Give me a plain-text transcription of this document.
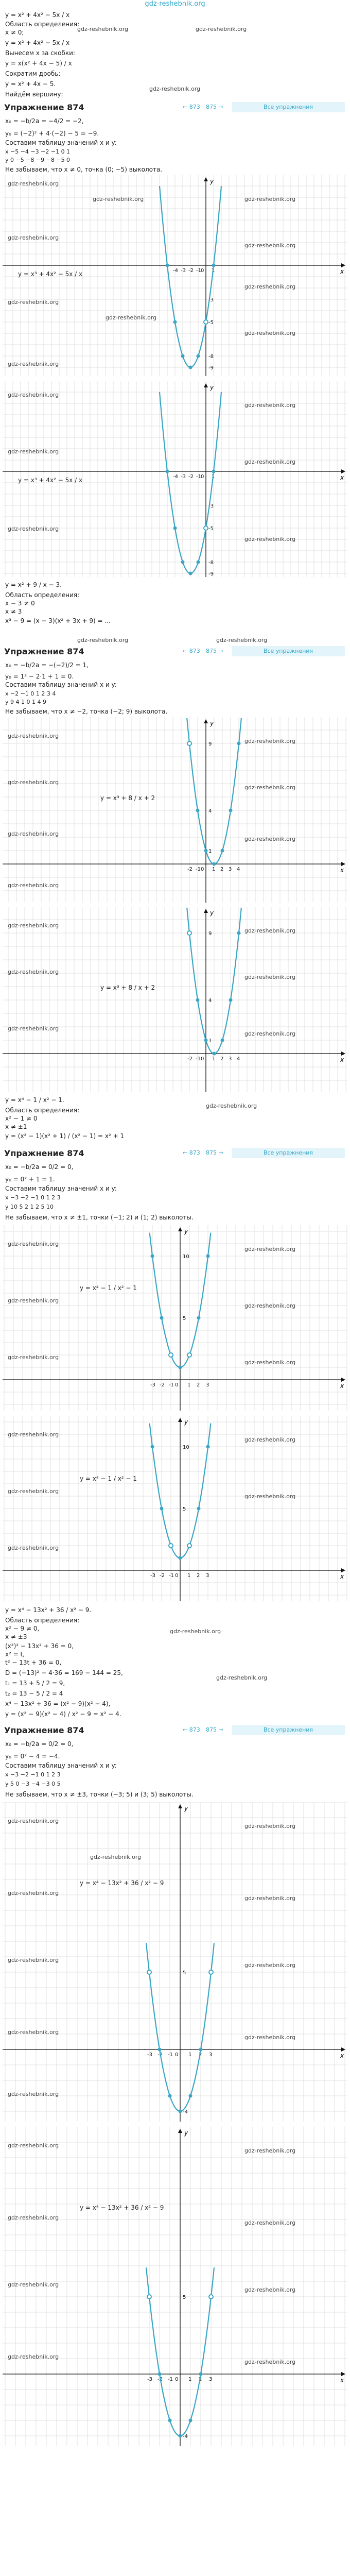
gdz-reshebnik.org
y = x² + 4x² − 5x / x
Область определения:
x ≠ 0;
y = x² + 4x² − 5x / x
Вынесем x за скобки:
y = x(x² + 4x − 5) / x
Сократим дробь:
y = x² + 4x − 5.
Найдём вершину:
gdz-reshebnik.org	gdz-reshebnik.org
gdz-reshebnik.org
Упражнение 874	← 873 875 →	Все упражнения
x₀ = −b/2a = −4/2 = −2,
y₀ = (−2)² + 4·(−2) − 5 = −9.
Составим таблицу значений x и y:
x −5 −4 −3 −2 −1 0 1
y 0 −5 −8 −9 −8 −5 0
Не забываем, что x ≠ 0, точка (0; −5) выколота.
x
y
0
-4 -3 -2 -1 1
-3
-5
-8
-9
gdz-reshebnik.org
gdz-reshebnik.org	gdz-reshebnik.org
gdz-reshebnik.org
gdz-reshebnik.org
gdz-reshebnik.org
gdz-reshebnik.org
gdz-reshebnik.org
gdz-reshebnik.org
gdz-reshebnik.org
y = x³ + 4x² − 5x / x
x
y
0
-4 -3 -2 -1 1
-3
-5
-8
-9
gdz-reshebnik.org
gdz-reshebnik.org
gdz-reshebnik.org
gdz-reshebnik.org
gdz-reshebnik.org
gdz-reshebnik.org
y = x³ + 4x² − 5x / x
y = x² + 9 / x − 3.
Область определения:
x − 3 ≠ 0
x ≠ 3
x³ − 9 = (x − 3)(x² + 3x + 9) = ...
gdz-reshebnik.org	gdz-reshebnik.org
Упражнение 874	← 873 875 →	Все упражнения
x₀ = −b/2a = −(−2)/2 = 1,
y₀ = 1² − 2·1 + 1 = 0.
Составим таблицу значений x и y:
x −2 −1 0 1 2 3 4
y 9 4 1 0 1 4 9
Не забываем, что x ≠ −2, точка (−2; 9) выколота.
x
y
0
-2 -1 1 2 3 4
1
4
9
gdz-reshebnik.org
gdz-reshebnik.org
gdz-reshebnik.org
gdz-reshebnik.org
gdz-reshebnik.org
gdz-reshebnik.org
gdz-reshebnik.org
y = x³ + 8 / x + 2
x
y
0
-2 -1 1 2 3 4
1
4
9
gdz-reshebnik.org
gdz-reshebnik.org
gdz-reshebnik.org
gdz-reshebnik.org
gdz-reshebnik.org
gdz-reshebnik.org
y = x³ + 8 / x + 2
y = x⁴ − 1 / x² − 1.
Область определения:
x² − 1 ≠ 0
x ≠ ±1
y = (x² − 1)(x² + 1) / (x² − 1) = x² + 1
gdz-reshebnik.org
Упражнение 874	← 873 875 →	Все упражнения
x₀ = −b/2a = 0/2 = 0,
y₀ = 0² + 1 = 1.
Составим таблицу значений x и y:
x −3 −2 −1 0 1 2 3
y 10 5 2 1 2 5 10
Не забываем, что x ≠ ±1, точки (−1; 2) и (1; 2) выколоты.
x
y
0
-3 -2 -1	1 2 3
5
10
gdz-reshebnik.org
gdz-reshebnik.org
gdz-reshebnik.org
gdz-reshebnik.org
gdz-reshebnik.org
gdz-reshebnik.org
y = x⁴ − 1 / x² − 1
x
y
0
-3 -2 -1	1 2 3
5
10
gdz-reshebnik.org
gdz-reshebnik.org
gdz-reshebnik.org
gdz-reshebnik.org
gdz-reshebnik.org
y = x⁴ − 1 / x² − 1
y = x⁴ − 13x² + 36 / x² − 9.
Область определения:
x² − 9 ≠ 0,
x ≠ ±3
(x²)² − 13x² + 36 = 0,
x² = t,
t² − 13t + 36 = 0,
D = (−13)² − 4·36 = 169 − 144 = 25,
t₁ = 13 + 5 / 2 = 9,
t₂ = 13 − 5 / 2 = 4
x⁴ − 13x² + 36 = (x² − 9)(x² − 4),
y = (x² − 9)(x² − 4) / x² − 9 = x² − 4.
gdz-reshebnik.org
gdz-reshebnik.org
Упражнение 874	← 873 875 →	Все упражнения
x₀ = −b/2a = 0/2 = 0,
y₀ = 0² − 4 = −4.
Составим таблицу значений x и y:
x −3 −2 −1 0 1 2 3
y 5 0 −3 −4 −3 0 5
Не забываем, что x ≠ ±3, точки (−3; 5) и (3; 5) выколоты.
x
y
0
-3 -2 -1	1 2 3
5
-4
gdz-reshebnik.org
gdz-reshebnik.org
gdz-reshebnik.org
gdz-reshebnik.org
gdz-reshebnik.org
gdz-reshebnik.org
gdz-reshebnik.org
gdz-reshebnik.org
gdz-reshebnik.org
gdz-reshebnik.org
y = x⁴ − 13x² + 36 / x² − 9
x
y
0
-3 -2 -1	1 2 3
5
-4
gdz-reshebnik.org
gdz-reshebnik.org
gdz-reshebnik.org
gdz-reshebnik.org
gdz-reshebnik.org
gdz-reshebnik.org
gdz-reshebnik.org
gdz-reshebnik.org
y = x⁴ − 13x² + 36 / x² − 9
